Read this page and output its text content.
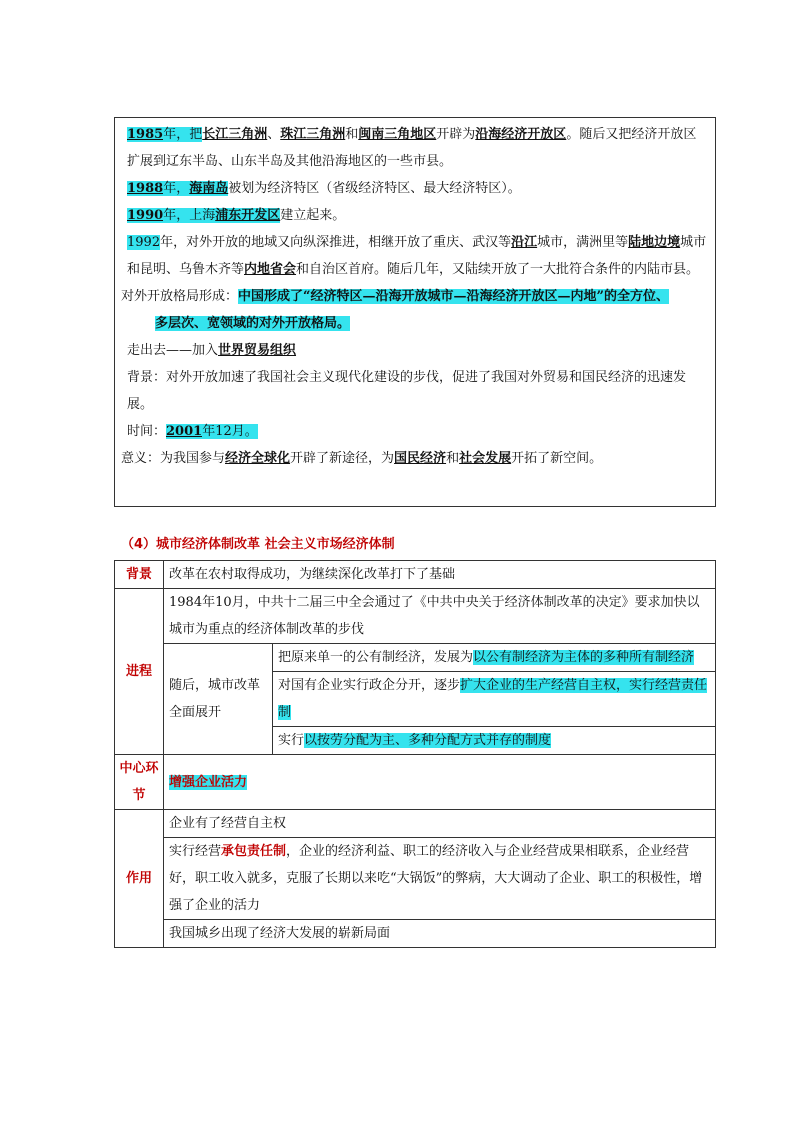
1985年，把长江三角洲、珠江三角洲和闽南三角地区开辟为沿海经济开放区。随后又把经济开放区扩展到辽东半岛、山东半岛及其他沿海地区的一些市县。

1988年，海南岛被划为经济特区（省级经济特区、最大经济特区）。

1990年，上海浦东开发区建立起来。

1992年，对外开放的地域又向纵深推进，相继开放了重庆、武汉等沿江城市，满洲里等陆地边境城市和昆明、乌鲁木齐等内地省会和自治区首府。随后几年，又陆续开放了一大批符合条件的内陆市县。

对外开放格局形成：中国形成了“经济特区—沿海开放城市—沿海经济开放区—内地”的全方位、

多层次、宽领域的对外开放格局。

走出去——加入世界贸易组织

背景：对外开放加速了我国社会主义现代化建设的步伐，促进了我国对外贸易和国民经济的迅速发展。

时间：2001年12月。

意义：为我国参与经济全球化开辟了新途径，为国民经济和社会发展开拓了新空间。

（4）城市经济体制改革 社会主义市场经济体制
背景	改革在农村取得成功，为继续深化改革打下了基础	
进程	1984年10月，中共十二届三中全会通过了《中共中央关于经济体制改革的决定》要求加快以城市为重点的经济体制改革的步伐	
	随后，城市改革全面展开	把原来单一的公有制经济，发展为以公有制经济为主体的多种所有制经济
		对国有企业实行政企分开，逐步扩大企业的生产经营自主权，实行经营责任制
		实行以按劳分配为主、多种分配方式并存的制度
中心环节	增强企业活力	
作用	企业有了经营自主权	
	实行经营承包责任制，企业的经济利益、职工的经济收入与企业经营成果相联系，企业经营好，职工收入就多，克服了长期以来吃“大锅饭”的弊病，大大调动了企业、职工的积极性，增强了企业的活力	
	我国城乡出现了经济大发展的崭新局面	
